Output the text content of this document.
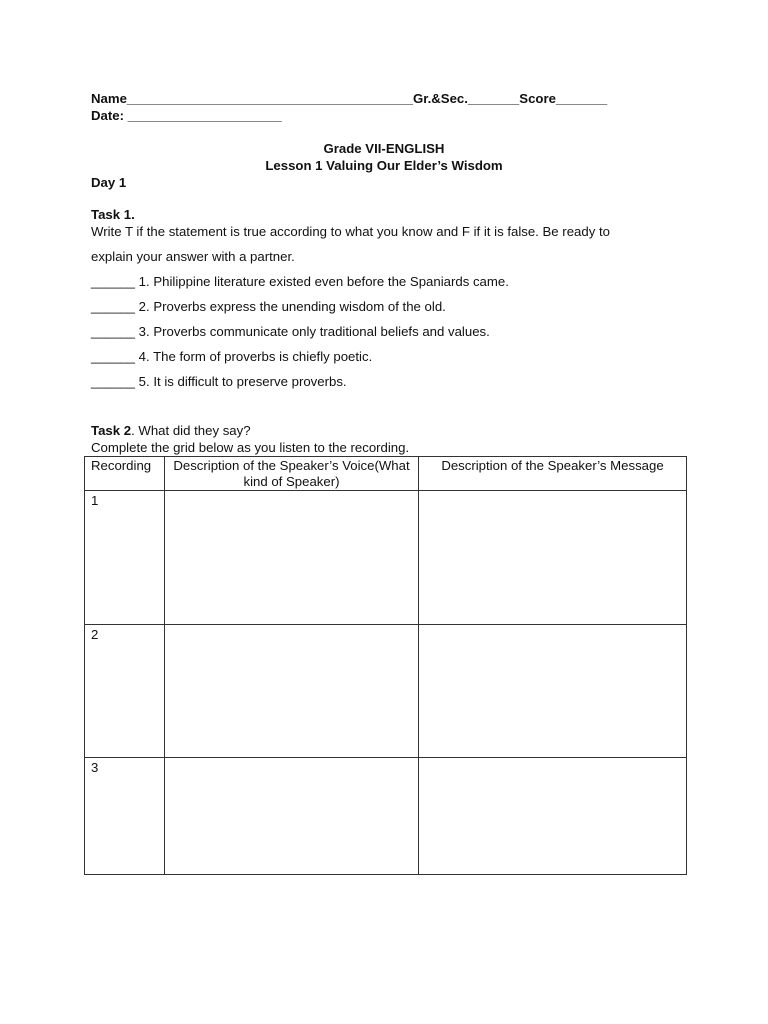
Name_______________________________________Gr.&Sec._______Score_______
Date: _____________________
Grade VII-ENGLISH
Lesson 1 Valuing Our Elder’s Wisdom
Day 1
Task 1.
Write T if the statement is true according to what you know and F if it is false. Be ready to
explain your answer with a partner.
______ 1. Philippine literature existed even before the Spaniards came.
______ 2. Proverbs express the unending wisdom of the old.
______ 3. Proverbs communicate only traditional beliefs and values.
______ 4. The form of proverbs is chiefly poetic.
______ 5. It is difficult to preserve proverbs.
Task 2. What did they say?
Complete the grid below as you listen to the recording.
Recording	Description of the Speaker’s Voice(What kind of Speaker)	Description of the Speaker’s Message
1		
2		
3		
